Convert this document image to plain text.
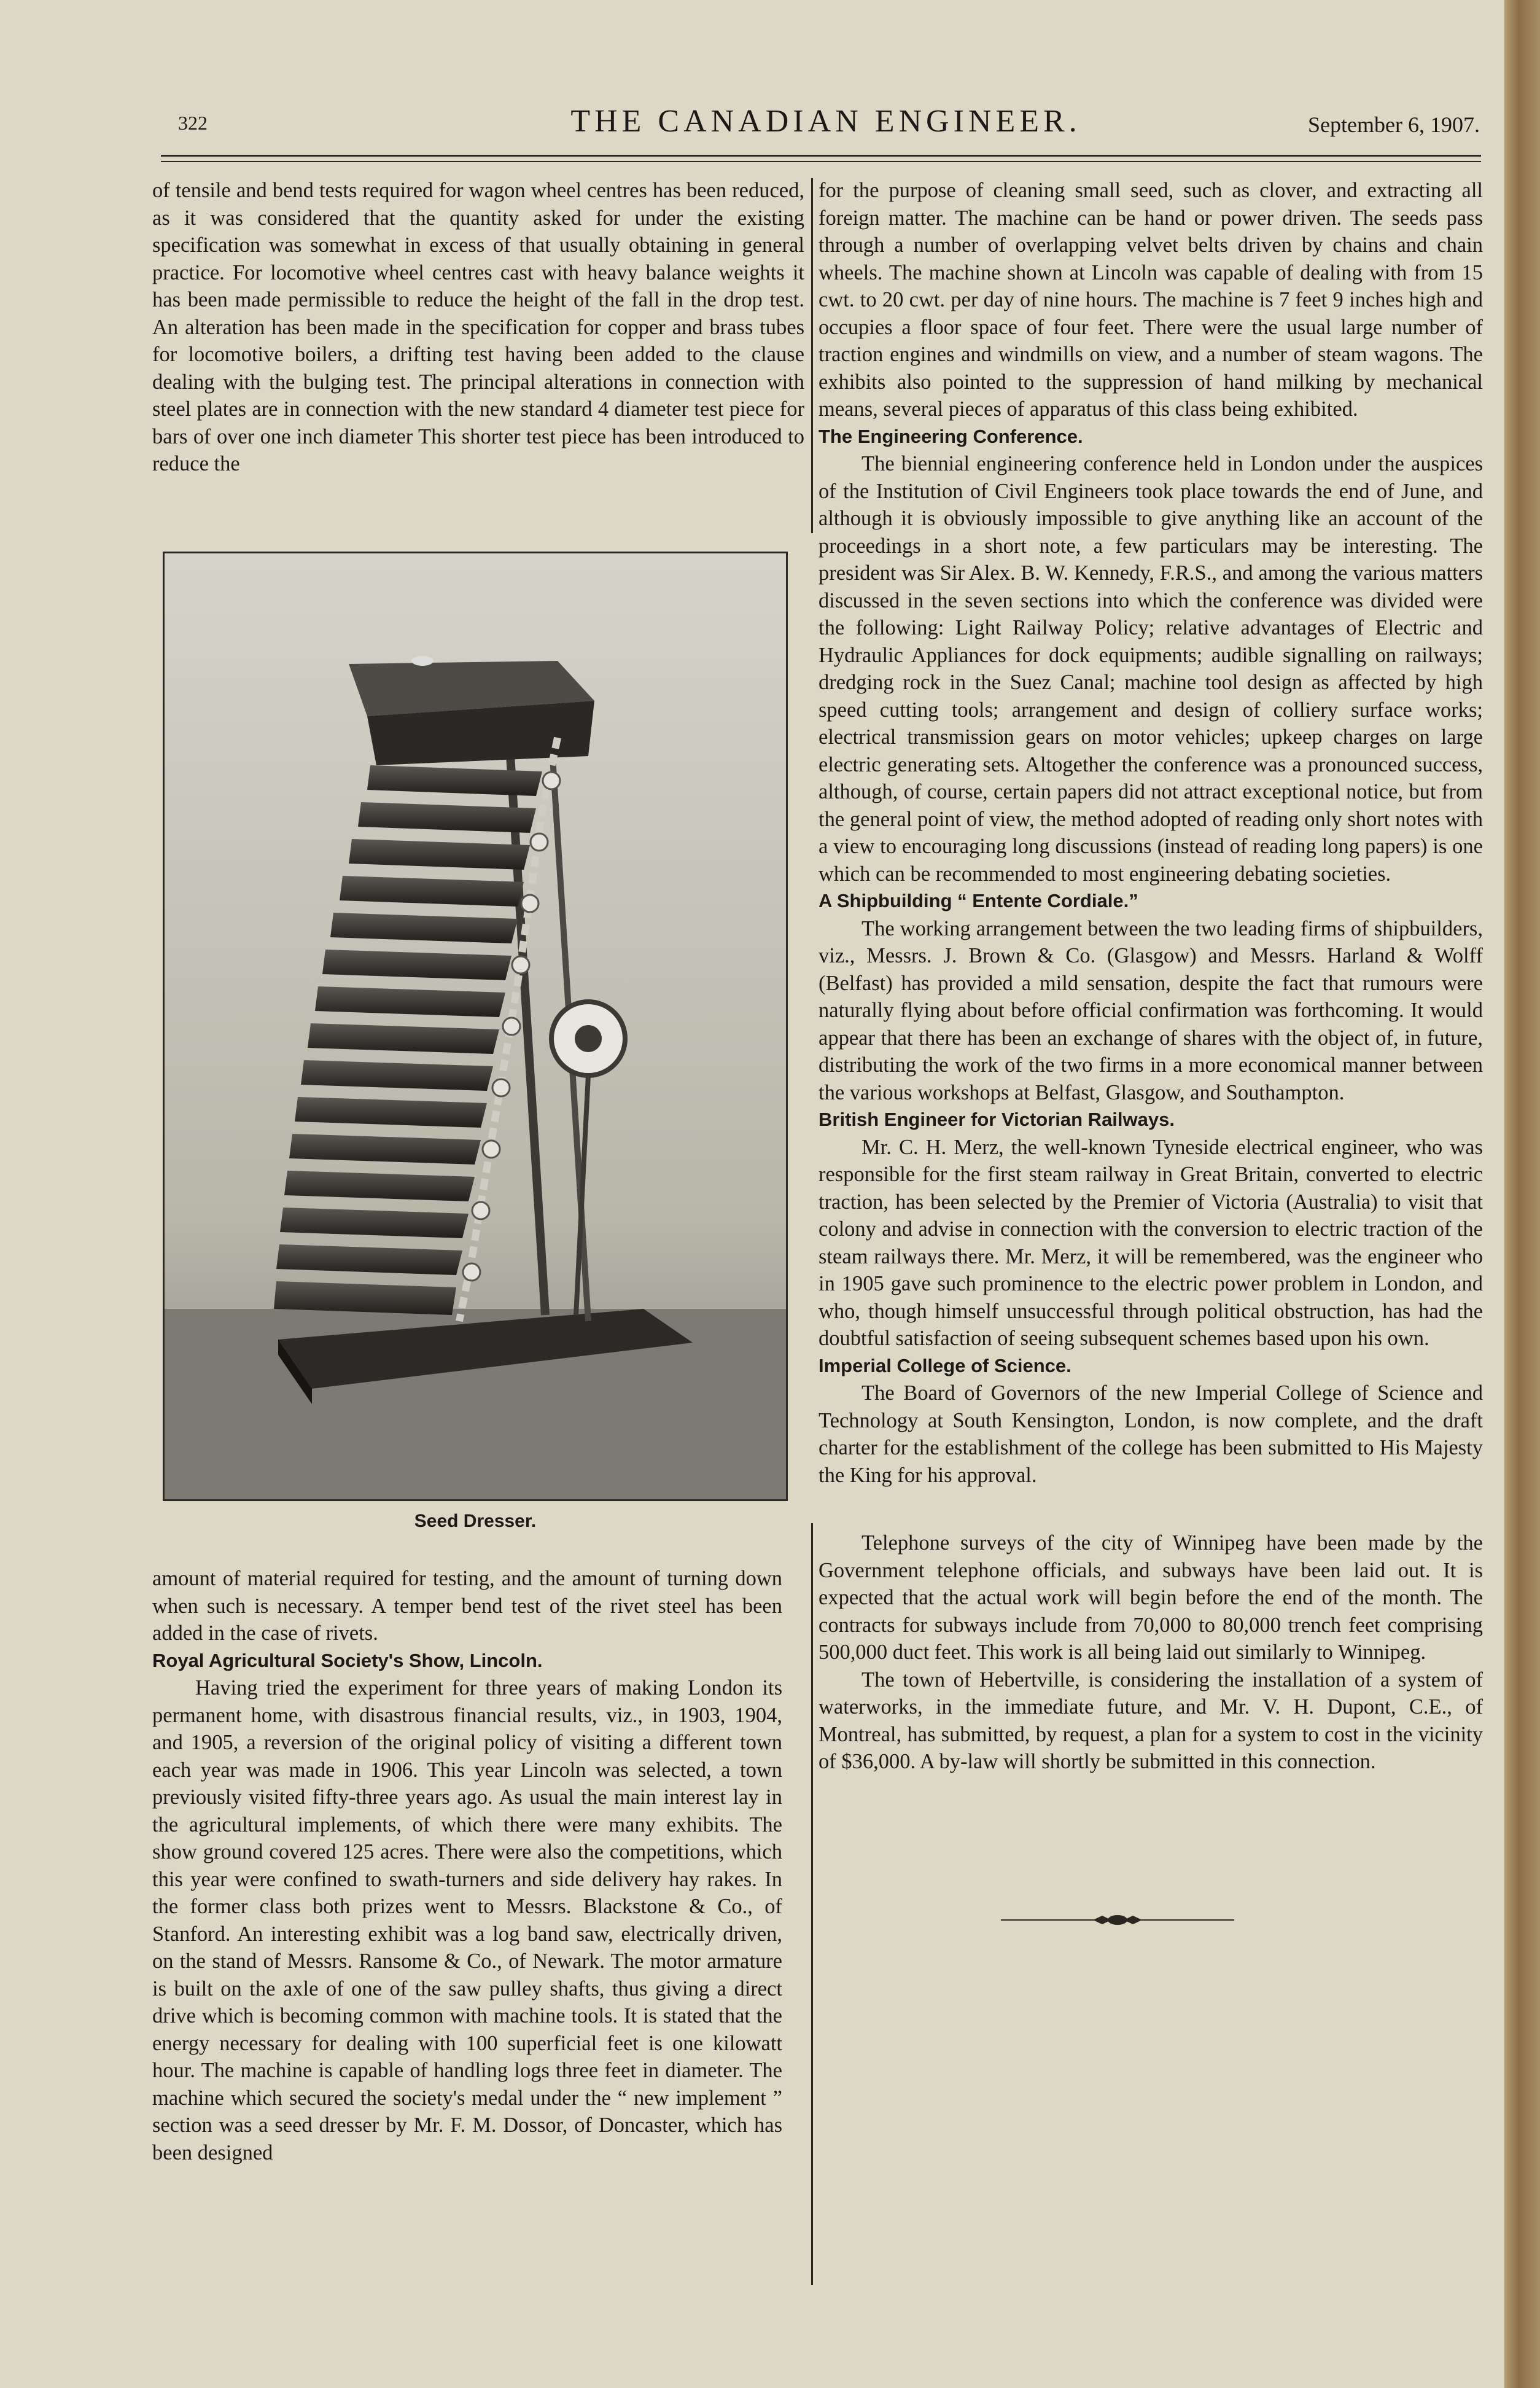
322	THE CANADIAN ENGINEER.	September 6, 1907.

of tensile and bend tests required for wagon wheel centres has been reduced, as it was considered that the quantity asked for under the existing specification was somewhat in excess of that usually obtaining in general practice. For locomotive wheel centres cast with heavy balance weights it has been made permissible to reduce the height of the fall in the drop test. An alteration has been made in the specification for copper and brass tubes for locomotive boilers, a drifting test having been added to the clause dealing with the bulging test. The principal alterations in connection with steel plates are in connection with the new standard 4 diameter test piece for bars of over one inch diameter This shorter test piece has been introduced to reduce the

Seed Dresser.

amount of material required for testing, and the amount of turning down when such is necessary. A temper bend test of the rivet steel has been added in the case of rivets.

Royal Agricultural Society's Show, Lincoln.

Having tried the experiment for three years of making London its permanent home, with disastrous financial results, viz., in 1903, 1904, and 1905, a reversion of the original policy of visiting a different town each year was made in 1906. This year Lincoln was selected, a town previously visited fifty-three years ago. As usual the main interest lay in the agricultural implements, of which there were many exhibits. The show ground covered 125 acres. There were also the competitions, which this year were confined to swath-turners and side delivery hay rakes. In the former class both prizes went to Messrs. Blackstone & Co., of Stanford. An interesting exhibit was a log band saw, electrically driven, on the stand of Messrs. Ransome & Co., of Newark. The motor armature is built on the axle of one of the saw pulley shafts, thus giving a direct drive which is becoming common with machine tools. It is stated that the energy necessary for dealing with 100 superficial feet is one kilowatt hour. The machine is capable of handling logs three feet in diameter. The machine which secured the society's medal under the “ new implement ” section was a seed dresser by Mr. F. M. Dossor, of Doncaster, which has been designed

for the purpose of cleaning small seed, such as clover, and extracting all foreign matter. The machine can be hand or power driven. The seeds pass through a number of overlapping velvet belts driven by chains and chain wheels. The machine shown at Lincoln was capable of dealing with from 15 cwt. to 20 cwt. per day of nine hours. The machine is 7 feet 9 inches high and occupies a floor space of four feet. There were the usual large number of traction engines and windmills on view, and a number of steam wagons. The exhibits also pointed to the suppression of hand milking by mechanical means, several pieces of apparatus of this class being exhibited.

The Engineering Conference.

The biennial engineering conference held in London under the auspices of the Institution of Civil Engineers took place towards the end of June, and although it is obviously impossible to give anything like an account of the proceedings in a short note, a few particulars may be interesting. The president was Sir Alex. B. W. Kennedy, F.R.S., and among the various matters discussed in the seven sections into which the conference was divided were the following: Light Railway Policy; relative advantages of Electric and Hydraulic Appliances for dock equipments; audible signalling on railways; dredging rock in the Suez Canal; machine tool design as affected by high speed cutting tools; arrangement and design of colliery surface works; electrical transmission gears on motor vehicles; upkeep charges on large electric generating sets. Altogether the conference was a pronounced success, although, of course, certain papers did not attract exceptional notice, but from the general point of view, the method adopted of reading only short notes with a view to encouraging long discussions (instead of reading long papers) is one which can be recommended to most engineering debating societies.

A Shipbuilding “ Entente Cordiale.”

The working arrangement between the two leading firms of shipbuilders, viz., Messrs. J. Brown & Co. (Glasgow) and Messrs. Harland & Wolff (Belfast) has provided a mild sensation, despite the fact that rumours were naturally flying about before official confirmation was forthcoming. It would appear that there has been an exchange of shares with the object of, in future, distributing the work of the two firms in a more economical manner between the various workshops at Belfast, Glasgow, and Southampton.

British Engineer for Victorian Railways.

Mr. C. H. Merz, the well-known Tyneside electrical engineer, who was responsible for the first steam railway in Great Britain, converted to electric traction, has been selected by the Premier of Victoria (Australia) to visit that colony and advise in connection with the conversion to electric traction of the steam railways there. Mr. Merz, it will be remembered, was the engineer who in 1905 gave such prominence to the electric power problem in London, and who, though himself unsuccessful through political obstruction, has had the doubtful satisfaction of seeing subsequent schemes based upon his own.

Imperial College of Science.

The Board of Governors of the new Imperial College of Science and Technology at South Kensington, London, is now complete, and the draft charter for the establishment of the college has been submitted to His Majesty the King for his approval.

Telephone surveys of the city of Winnipeg have been made by the Government telephone officials, and subways have been laid out. It is expected that the actual work will begin before the end of the month. The contracts for subways include from 70,000 to 80,000 trench feet comprising 500,000 duct feet. This work is all being laid out similarly to Winnipeg.

The town of Hebertville, is considering the installation of a system of waterworks, in the immediate future, and Mr. V. H. Dupont, C.E., of Montreal, has submitted, by request, a plan for a system to cost in the vicinity of $36,000. A by-law will shortly be submitted in this connection.
